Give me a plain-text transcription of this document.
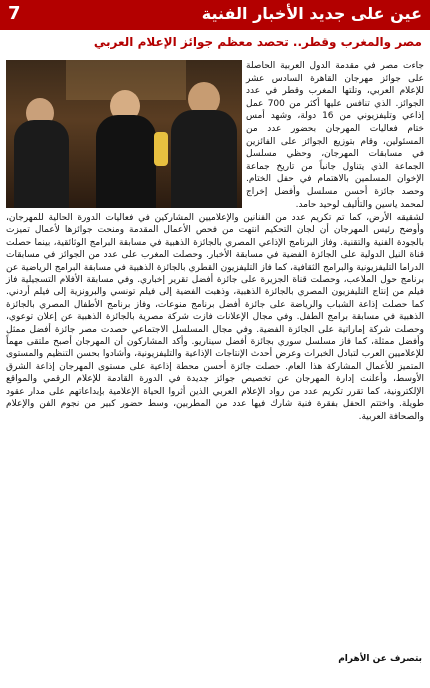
7	عين على جديد الأخبار الفنية
مصر والمغرب وقطر.. تحصد معظم جوائز الإعلام العربي

جاءت مصر في مقدمة الدول العربية الحاصلة على جوائز مهرجان القاهرة السادس عشر للإعلام العربي، وتلتها المغرب وقطر في عدد الجوائز. الذي تنافس عليها أكثر من 700 عمل إذاعي وتليفزيوني من 16 دولة، وشهد أمس ختام فعاليات المهرجان بحضور عدد من المسئولين، وقام بتوزيع الجوائز على الفائزين في مسابقات المهرجان، وحظي مسلسل الجماعة الذي يتناول جانباً من تاريخ جماعة الإخوان المسلمين بالاهتمام في حفل الختام. وحصد جائزة أحسن مسلسل وأفضل إخراج لمحمد ياسين والتأليف لوحيد حامد.

لشقيقه الأرض، كما تم تكريم عدد من الفنانين والإعلاميين المشاركين في فعاليات الدورة الحالية للمهرجان، وأوضح رئيس المهرجان أن لجان التحكيم انتهت من فحص الأعمال المقدمة ومنحت جوائزها لأعمال تميزت بالجودة الفنية والتقنية. وفاز البرنامج الإذاعي المصري بالجائزة الذهبية في مسابقة البرامج الوثائقية، بينما حصلت قناة النيل الدولية على الجائزة الفضية في مسابقة الأخبار. وحصلت المغرب على عدد من الجوائز في مسابقات الدراما التليفزيونية والبرامج الثقافية، كما فاز التليفزيون القطري بالجائزة الذهبية في مسابقة البرامج الرياضية عن برنامج حول الملاعب، وحصلت قناة الجزيرة على جائزة أفضل تقرير إخباري. وفي مسابقة الأفلام التسجيلية فاز فيلم من إنتاج التليفزيون المصري بالجائزة الذهبية، وذهبت الفضية إلى فيلم تونسي والبرونزية إلى فيلم أردني. كما حصلت إذاعة الشباب والرياضة على جائزة أفضل برنامج منوعات، وفاز برنامج الأطفال المصري بالجائزة الذهبية في مسابقة برامج الطفل. وفي مجال الإعلانات فازت شركة مصرية بالجائزة الذهبية عن إعلان توعوي، وحصلت شركة إماراتية على الجائزة الفضية. وفي مجال المسلسل الاجتماعي حصدت مصر جائزة أفضل ممثل وأفضل ممثلة، كما فاز مسلسل سوري بجائزة أفضل سيناريو. وأكد المشاركون أن المهرجان أصبح ملتقى مهماً للإعلاميين العرب لتبادل الخبرات وعرض أحدث الإنتاجات الإذاعية والتليفزيونية، وأشادوا بحسن التنظيم والمستوى المتميز للأعمال المشاركة هذا العام. حصلت جائزة أحسن محطة إذاعية على مستوى المهرجان إذاعة الشرق الأوسط، وأعلنت إدارة المهرجان عن تخصيص جوائز جديدة في الدورة القادمة للإعلام الرقمي والمواقع الإلكترونية، كما تقرر تكريم عدد من رواد الإعلام العربي الذين أثروا الحياة الإعلامية بإبداعاتهم على مدار عقود طويلة. واختتم الحفل بفقرة فنية شارك فيها عدد من المطربين، وسط حضور كبير من نجوم الفن والإعلام والصحافة العربية.

بتصرف عن الأهرام
